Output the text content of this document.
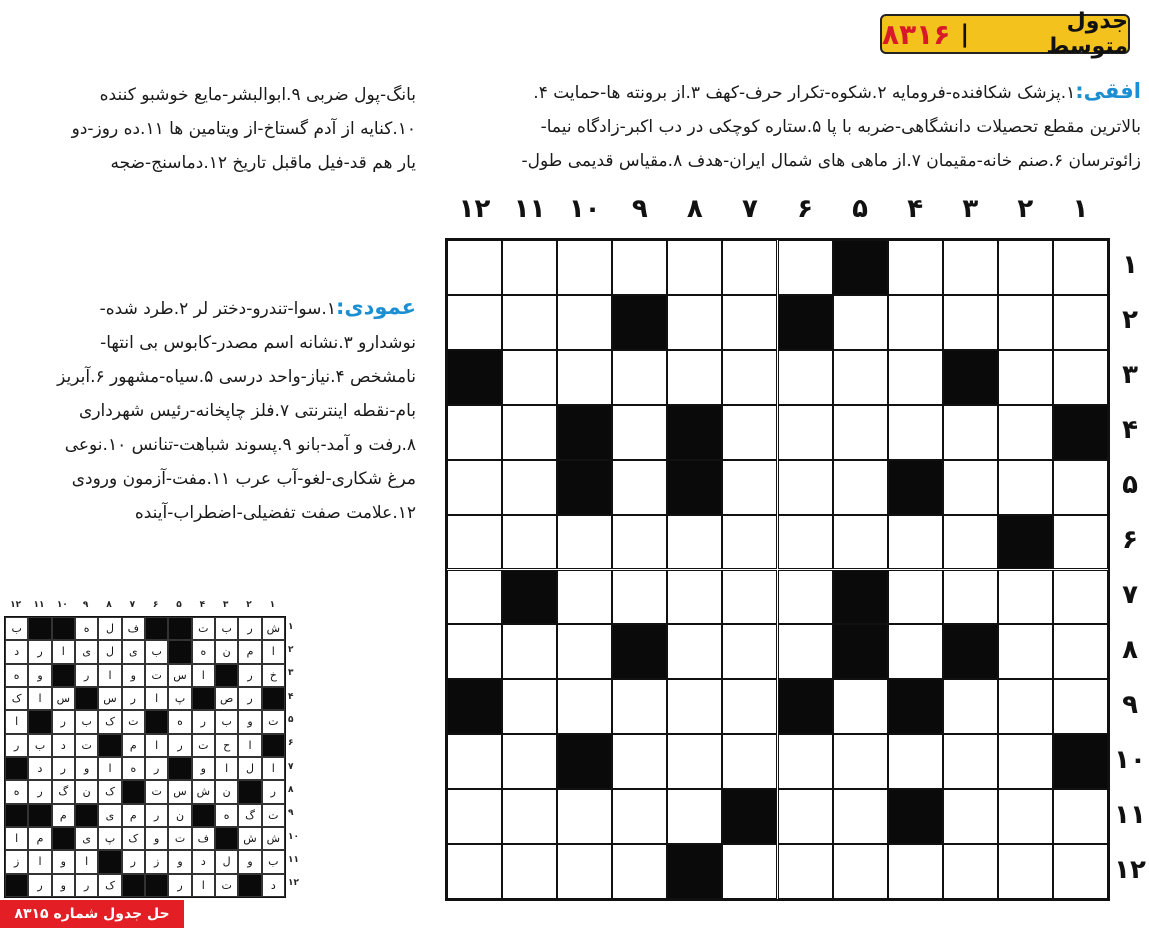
جدول متوسط
|
۸۳۱۶
افقی:۱.پزشک شکافنده-فرومایه ۲.شکوه-تکرار حرف-کهف ۳.از برونته ها-حمایت ۴.
بالاترین مقطع تحصیلات دانشگاهی-ضربه با پا ۵.ستاره کوچکی در دب اکبر-زادگاه نیما-
زائوترسان ۶.صنم خانه-مقیمان ۷.از ماهی های شمال ایران-هدف ۸.مقیاس قدیمی طول-
بانگ-پول ضربی ۹.ابوالبشر-مایع خوشبو کننده
۱۰.کنایه از آدم گستاخ-از ویتامین ها ۱۱.ده روز-دو
یار هم قد-فیل ماقبل تاریخ ۱۲.دماسنج-ضجه
عمودی:۱.سوا-تندرو-دختر لر ۲.طرد شده-
نوشدارو ۳.نشانه اسم مصدر-کابوس بی انتها-
نامشخص ۴.نیاز-واحد درسی ۵.سیاه-مشهور ۶.آبریز
بام-نقطه اینترنتی ۷.فلز چاپخانه-رئیس شهرداری
۸.رفت و آمد-بانو ۹.پسوند شباهت-تنانس ۱۰.نوعی
مرغ شکاری-لغو-آب عرب ۱۱.مفت-آزمون ورودی
۱۲.علامت صفت تفضیلی-اضطراب-آینده
۱
۲
۳
۴
۵
۶
۷
۸
۹
۱۰
۱۱
۱۲
۱
۲
۳
۴
۵
۶
۷
۸
۹
۱۰
۱۱
۱۲
۱
۲
۳
۴
۵
۶
۷
۸
۹
۱۰
۱۱
۱۲
۱
۲
۳
۴
۵
۶
۷
۸
۹
۱۰
۱۱
۱۲
ش
ر
ب
ت
ف
ل
ه
ب
ا
م
ن
ه
ب
ی
ل
ی
ا
ر
د
خ
ر
ا
س
ت
و
ا
ر
و
ه
ر
ص
پ
ا
ر
س
س
ا
ک
ت
و
ب
ر
ه
ت
ک
ب
ر
ا
ا
ح
ت
ر
ا
م
ت
د
ب
ر
ا
ل
ا
و
ر
ه
ا
و
ر
د
ر
ن
ش
س
ت
ک
ن
گ
ر
ه
ت
گ
ه
ن
ر
م
ی
م
ش
ش
ف
ت
و
ک
پ
ی
م
ا
ب
و
ل
د
و
ز
ر
ا
و
ا
ز
د
ت
ا
ر
ک
ر
و
ر
حل جدول شماره ۸۳۱۵
